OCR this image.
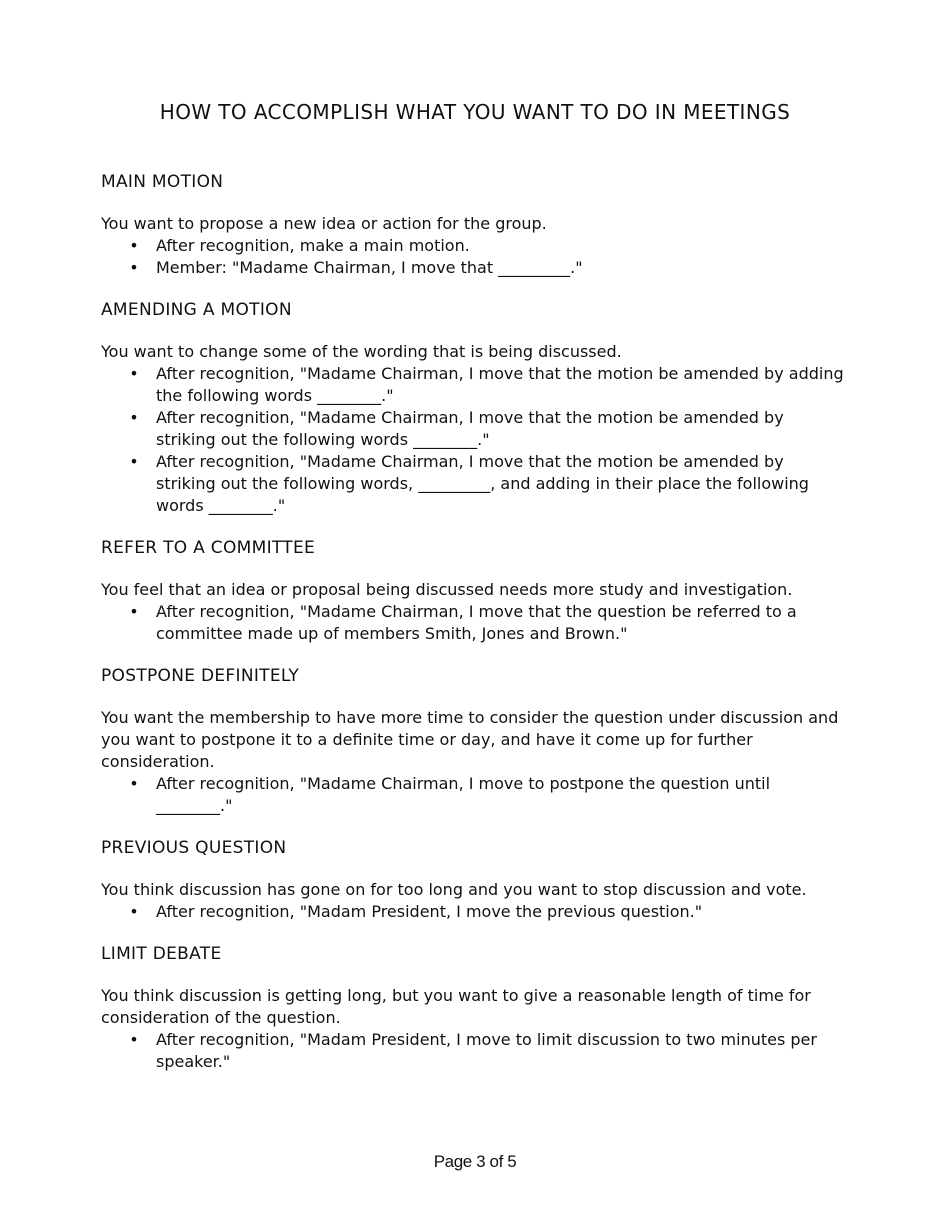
HOW TO ACCOMPLISH WHAT YOU WANT TO DO IN MEETINGS
MAIN MOTION

You want to propose a new idea or action for the group.

• After recognition, make a main motion.
• Member: "Madame Chairman, I move that _________."
AMENDING A MOTION

You want to change some of the wording that is being discussed.

• After recognition, "Madame Chairman, I move that the motion be amended by adding the following words ________."
• After recognition, "Madame Chairman, I move that the motion be amended by striking out the following words ________."
• After recognition, "Madame Chairman, I move that the motion be amended by striking out the following words, _________, and adding in their place the following words ________."
REFER TO A COMMITTEE

You feel that an idea or proposal being discussed needs more study and investigation.

• After recognition, "Madame Chairman, I move that the question be referred to a committee made up of members Smith, Jones and Brown."
POSTPONE DEFINITELY

You want the membership to have more time to consider the question under discussion and you want to postpone it to a definite time or day, and have it come up for further consideration.

• After recognition, "Madame Chairman, I move to postpone the question until ________."
PREVIOUS QUESTION

You think discussion has gone on for too long and you want to stop discussion and vote.

• After recognition, "Madam President, I move the previous question."
LIMIT DEBATE

You think discussion is getting long, but you want to give a reasonable length of time for consideration of the question.

• After recognition, "Madam President, I move to limit discussion to two minutes per speaker."
Page 3 of 5
